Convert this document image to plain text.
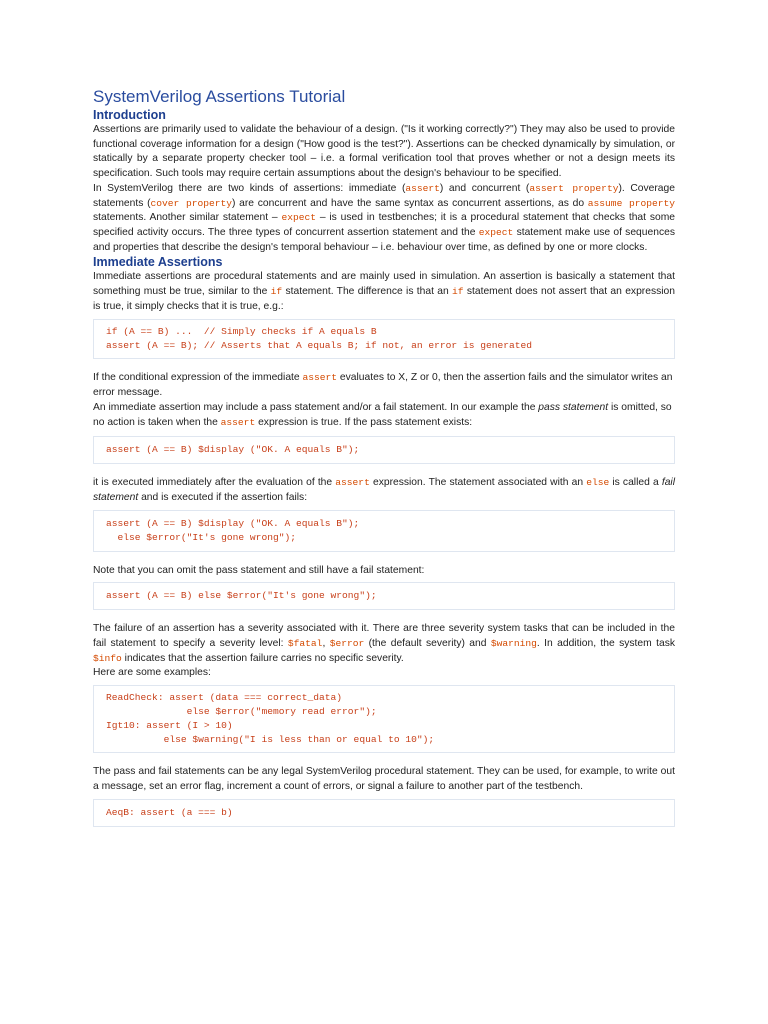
SystemVerilog Assertions Tutorial
Introduction

Assertions are primarily used to validate the behaviour of a design. ("Is it working correctly?") They may also be used to provide functional coverage information for a design ("How good is the test?"). Assertions can be checked dynamically by simulation, or statically by a separate property checker tool – i.e. a formal verification tool that proves whether or not a design meets its specification. Such tools may require certain assumptions about the design's behaviour to be specified.

In SystemVerilog there are two kinds of assertions: immediate (assert) and concurrent (assert property). Coverage statements (cover property) are concurrent and have the same syntax as concurrent assertions, as do assume property statements. Another similar statement – expect – is used in testbenches; it is a procedural statement that checks that some specified activity occurs. The three types of concurrent assertion statement and the expect statement make use of sequences and properties that describe the design's temporal behaviour – i.e. behaviour over time, as defined by one or more clocks.

Immediate Assertions

Immediate assertions are procedural statements and are mainly used in simulation. An assertion is basically a statement that something must be true, similar to the if statement. The difference is that an if statement does not assert that an expression is true, it simply checks that it is true, e.g.:

if (A == B) ...  // Simply checks if A equals B
assert (A == B); // Asserts that A equals B; if not, an error is generated

If the conditional expression of the immediate assert evaluates to X, Z or 0, then the assertion fails and the simulator writes an error message.

An immediate assertion may include a pass statement and/or a fail statement. In our example the pass statement is omitted, so no action is taken when the assert expression is true. If the pass statement exists:

assert (A == B) $display ("OK. A equals B");

it is executed immediately after the evaluation of the assert expression. The statement associated with an else is called a fail statement and is executed if the assertion fails:

assert (A == B) $display ("OK. A equals B");
else $error("It's gone wrong");

Note that you can omit the pass statement and still have a fail statement:

assert (A == B) else $error("It's gone wrong");

The failure of an assertion has a severity associated with it. There are three severity system tasks that can be included in the fail statement to specify a severity level: $fatal, $error (the default severity) and $warning. In addition, the system task $info indicates that the assertion failure carries no specific severity.

Here are some examples:

ReadCheck: assert (data === correct_data)
else $error("memory read error");
Igt10: assert (I > 10)
else $warning("I is less than or equal to 10");

The pass and fail statements can be any legal SystemVerilog procedural statement. They can be used, for example, to write out a message, set an error flag, increment a count of errors, or signal a failure to another part of the testbench.

AeqB: assert (a === b)
